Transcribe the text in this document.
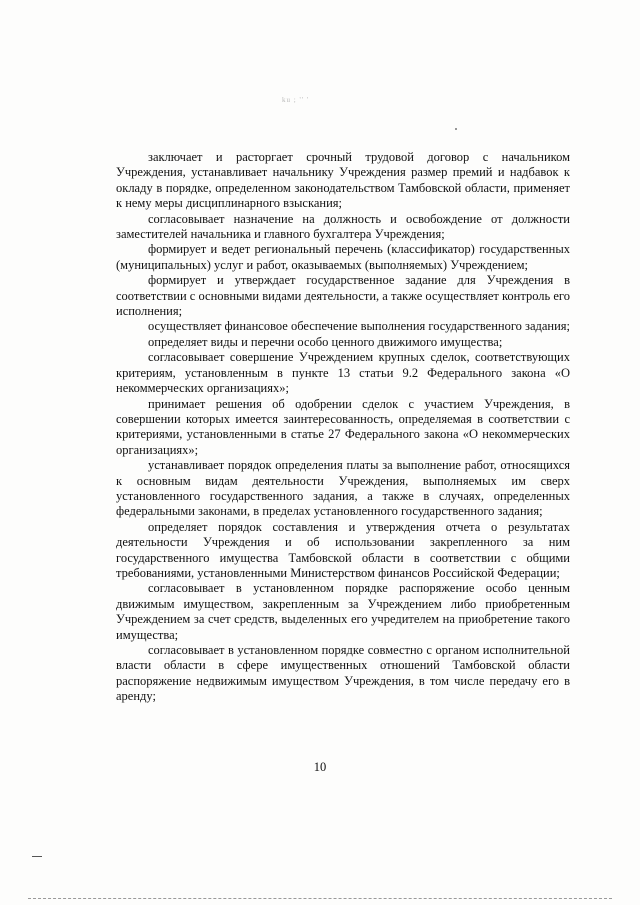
ku ; '' '

заключает и расторгает срочный трудовой договор с начальником Учреждения, устанавливает начальнику Учреждения размер премий и надбавок к окладу в порядке, определенном законодательством Тамбовской области, применяет к нему меры дисциплинарного взыскания;

согласовывает назначение на должность и освобождение от должности заместителей начальника и главного бухгалтера Учреждения;

формирует и ведет региональный перечень (классификатор) государственных (муниципальных) услуг и работ, оказываемых (выполняемых) Учреждением;

формирует и утверждает государственное задание для Учреждения в соответствии с основными видами деятельности, а также осуществляет контроль его исполнения;

осуществляет финансовое обеспечение выполнения государственного задания;

определяет виды и перечни особо ценного движимого имущества;

согласовывает совершение Учреждением крупных сделок, соответствующих критериям, установленным в пункте 13 статьи 9.2 Федерального закона «О некоммерческих организациях»;

принимает решения об одобрении сделок с участием Учреждения, в совершении которых имеется заинтересованность, определяемая в соответствии с критериями, установленными в статье 27 Федерального закона «О некоммерческих организациях»;

устанавливает порядок определения платы за выполнение работ, относящихся к основным видам деятельности Учреждения, выполняемых им сверх установленного государственного задания, а также в случаях, определенных федеральными законами, в пределах установленного государственного задания;

определяет порядок составления и утверждения отчета о результатах деятельности Учреждения и об использовании закрепленного за ним государственного имущества Тамбовской области в соответствии с общими требованиями, установленными Министерством финансов Российской Федерации;

согласовывает в установленном порядке распоряжение особо ценным движимым имуществом, закрепленным за Учреждением либо приобретенным Учреждением за счет средств, выделенных его учредителем на приобретение такого имущества;

согласовывает в установленном порядке совместно с органом исполнительной власти области в сфере имущественных отношений Тамбовской области распоряжение недвижимым имуществом Учреждения, в том числе передачу его в аренду;

10
